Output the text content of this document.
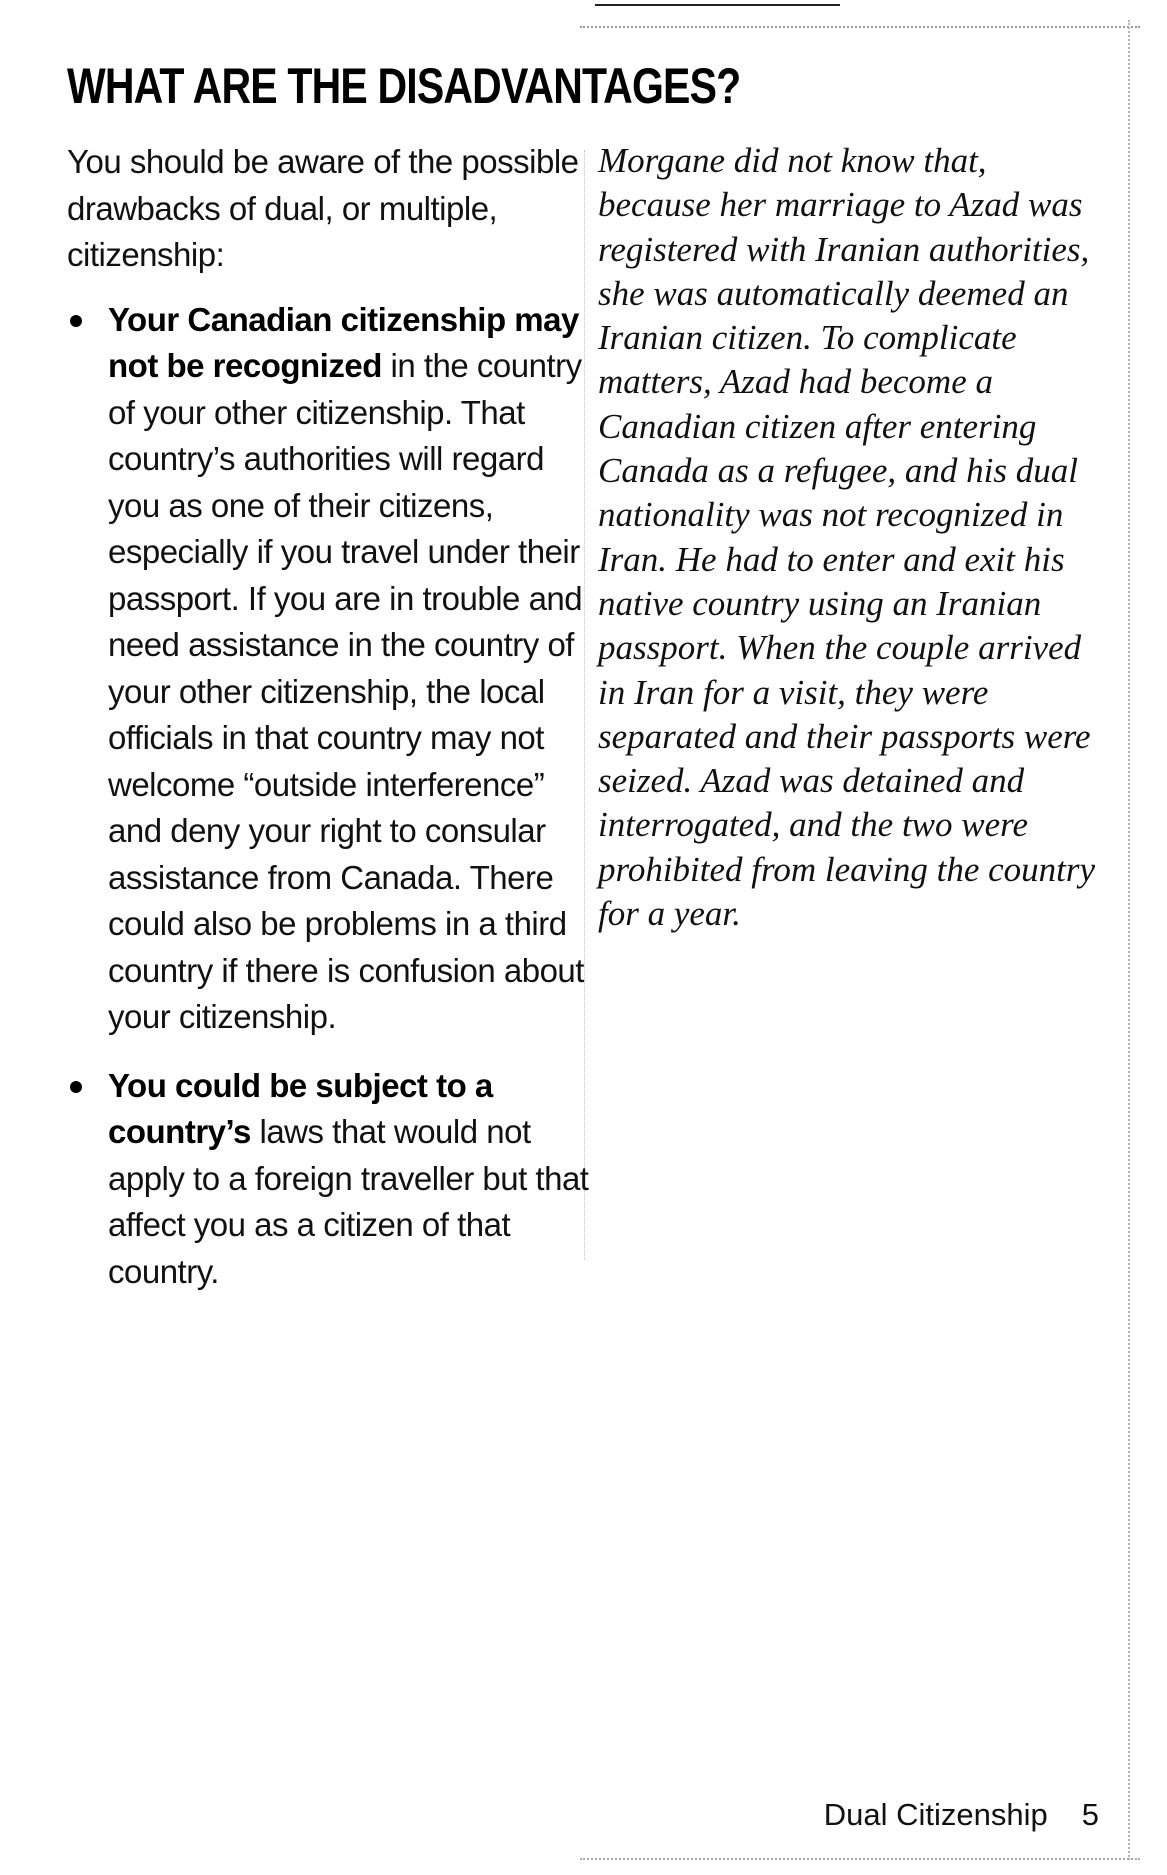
WHAT ARE THE DISADVANTAGES?

You should be aware of the possible drawbacks of dual, or multiple, citizenship:

Your Canadian citizenship may not be recognized in the country of your other citizenship. That country’s authorities will regard you as one of their citizens, especially if you travel under their passport. If you are in trouble and need assistance in the country of your other citizenship, the local officials in that country may not welcome “outside interference” and deny your right to consular assistance from Canada. There could also be problems in a third country if there is confusion about your citizenship.
You could be subject to a country’s laws that would not apply to a foreign traveller but that affect you as a citizen of that country.

Morgane did not know that, because her marriage to Azad was registered with Iranian authorities, she was automatically deemed an Iranian citizen. To complicate matters, Azad had become a Canadian citizen after entering Canada as a refugee, and his dual nationality was not recognized in Iran. He had to enter and exit his native country using an Iranian passport. When the couple arrived in Iran for a visit, they were separated and their passports were seized. Azad was detained and interrogated, and the two were prohibited from leaving the country for a year.

Dual Citizenship 5
